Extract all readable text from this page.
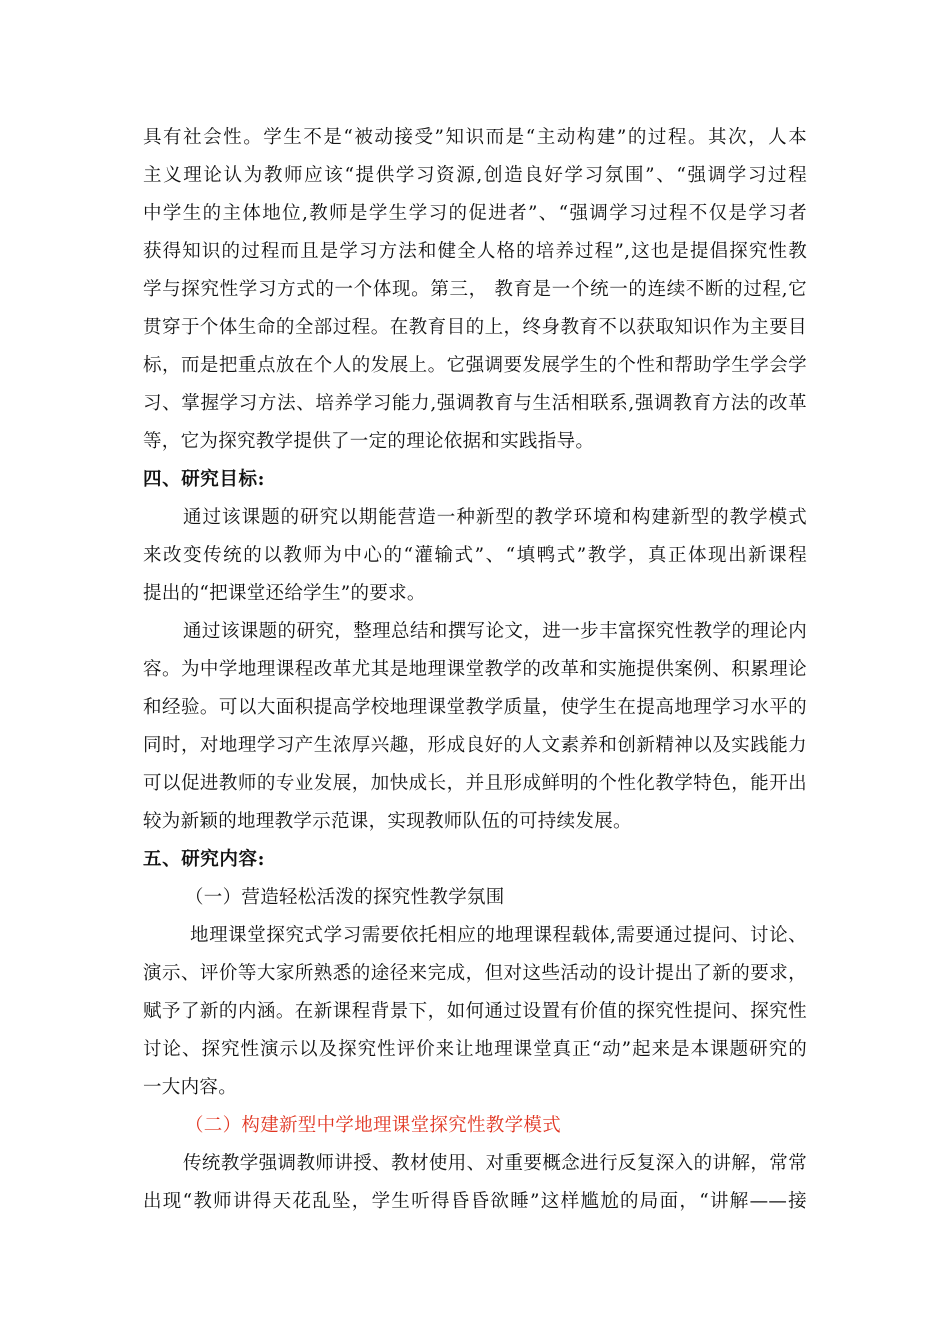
具有社会性。学生不是“被动接受”知识而是“主动构建”的过程。其次，人本
主义理论认为教师应该“提供学习资源,创造良好学习氛围”、“强调学习过程
中学生的主体地位,教师是学生学习的促进者”、“强调学习过程不仅是学习者
获得知识的过程而且是学习方法和健全人格的培养过程”,这也是提倡探究性教
学与探究性学习方式的一个体现。第三， 教育是一个统一的连续不断的过程,它
贯穿于个体生命的全部过程。在教育目的上，终身教育不以获取知识作为主要目
标，而是把重点放在个人的发展上。它强调要发展学生的个性和帮助学生学会学
习、掌握学习方法、培养学习能力,强调教育与生活相联系,强调教育方法的改革
等，它为探究教学提供了一定的理论依据和实践指导。
四、研究目标:
通过该课题的研究以期能营造一种新型的教学环境和构建新型的教学模式
来改变传统的以教师为中心的“灌输式”、“填鸭式”教学，真正体现出新课程
提出的“把课堂还给学生”的要求。
通过该课题的研究，整理总结和撰写论文，进一步丰富探究性教学的理论内
容。为中学地理课程改革尤其是地理课堂教学的改革和实施提供案例、积累理论
和经验。可以大面积提高学校地理课堂教学质量，使学生在提高地理学习水平的
同时，对地理学习产生浓厚兴趣，形成良好的人文素养和创新精神以及实践能力
可以促进教师的专业发展，加快成长，并且形成鲜明的个性化教学特色，能开出
较为新颖的地理教学示范课，实现教师队伍的可持续发展。
五、研究内容:
（一）营造轻松活泼的探究性教学氛围
地理课堂探究式学习需要依托相应的地理课程载体,需要通过提问、讨论、
演示、评价等大家所熟悉的途径来完成，但对这些活动的设计提出了新的要求，
赋予了新的内涵。在新课程背景下，如何通过设置有价值的探究性提问、探究性
讨论、探究性演示以及探究性评价来让地理课堂真正“动”起来是本课题研究的
一大内容。
（二）构建新型中学地理课堂探究性教学模式
传统教学强调教师讲授、教材使用、对重要概念进行反复深入的讲解，常常
出现“教师讲得天花乱坠，学生听得昏昏欲睡”这样尴尬的局面，“讲解——接
